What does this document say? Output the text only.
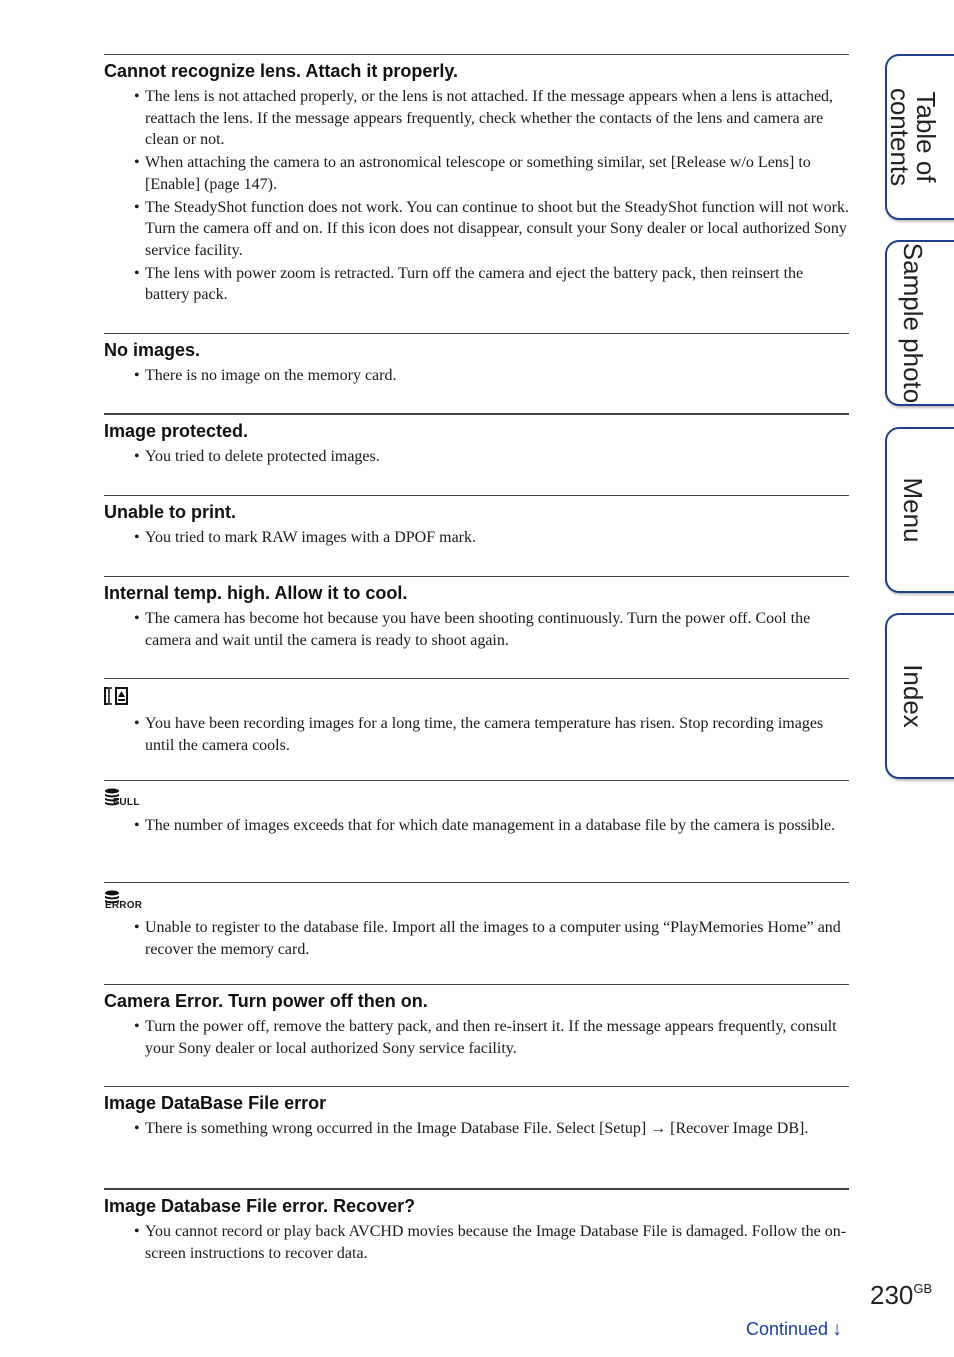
Table of
contents
Sample photo
Menu
Index
Cannot recognize lens. Attach it properly.
• The lens is not attached properly, or the lens is not attached. If the message appears when a lens is attached, reattach the lens. If the message appears frequently, check whether the contacts of the lens and camera are clean or not.
• When attaching the camera to an astronomical telescope or something similar, set [Release w/o Lens] to [Enable] (page 147).
• The SteadyShot function does not work. You can continue to shoot but the SteadyShot function will not work. Turn the camera off and on. If this icon does not disappear, consult your Sony dealer or local authorized Sony service facility.
• The lens with power zoom is retracted. Turn off the camera and eject the battery pack, then reinsert the battery pack.
No images.
• There is no image on the memory card.
Image protected.
• You tried to delete protected images.
Unable to print.
• You tried to mark RAW images with a DPOF mark.
Internal temp. high. Allow it to cool.
• The camera has become hot because you have been shooting continuously. Turn the power off. Cool the camera and wait until the camera is ready to shoot again.
• You have been recording images for a long time, the camera temperature has risen. Stop recording images until the camera cools.
FULL
• The number of images exceeds that for which date management in a database file by the camera is possible.
ERROR
• Unable to register to the database file. Import all the images to a computer using “PlayMemories Home” and recover the memory card.
Camera Error. Turn power off then on.
• Turn the power off, remove the battery pack, and then re-insert it. If the message appears frequently, consult your Sony dealer or local authorized Sony service facility.
Image DataBase File error
• There is something wrong occurred in the Image Database File. Select [Setup] → [Recover Image DB].
Image Database File error. Recover?
• You cannot record or play back AVCHD movies because the Image Database File is damaged. Follow the on-screen instructions to recover data.
$230^{GB}$
Continued ↓
